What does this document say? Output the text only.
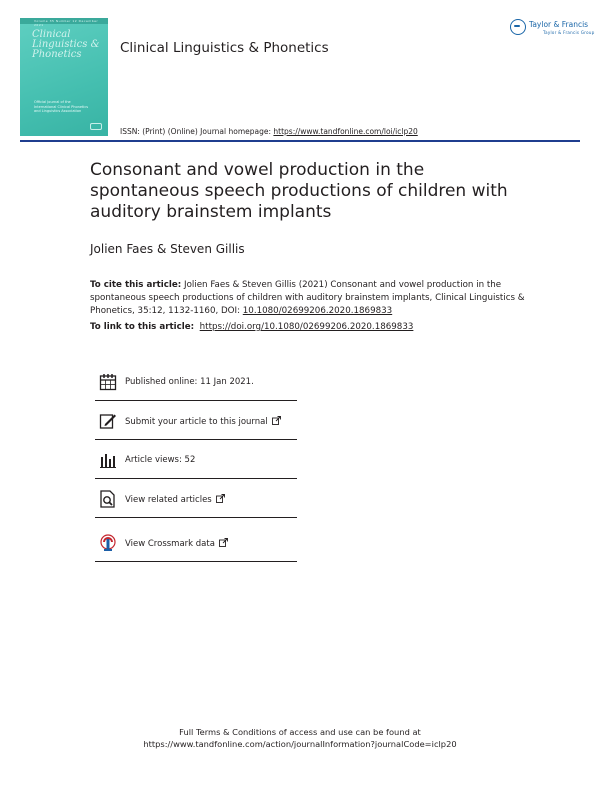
Volume 35 Number 12 December 2021
Clinical Linguistics & Phonetics
Official Journal of the International Clinical Phonetics and Linguistics Association
Clinical Linguistics & Phonetics
Taylor & Francis
Taylor & Francis Group
ISSN: (Print) (Online) Journal homepage: https://www.tandfonline.com/loi/iclp20
Consonant and vowel production in the spontaneous speech productions of children with auditory brainstem implants
Jolien Faes & Steven Gillis
To cite this article: Jolien Faes & Steven Gillis (2021) Consonant and vowel production in the spontaneous speech productions of children with auditory brainstem implants, Clinical Linguistics & Phonetics, 35:12, 1132-1160, DOI: 10.1080/02699206.2020.1869833
To link to this article: https://doi.org/10.1080/02699206.2020.1869833
Published online: 11 Jan 2021.
Submit your article to this journal
Article views: 52
View related articles
View Crossmark data
Full Terms & Conditions of access and use can be found at
https://www.tandfonline.com/action/journalInformation?journalCode=iclp20
